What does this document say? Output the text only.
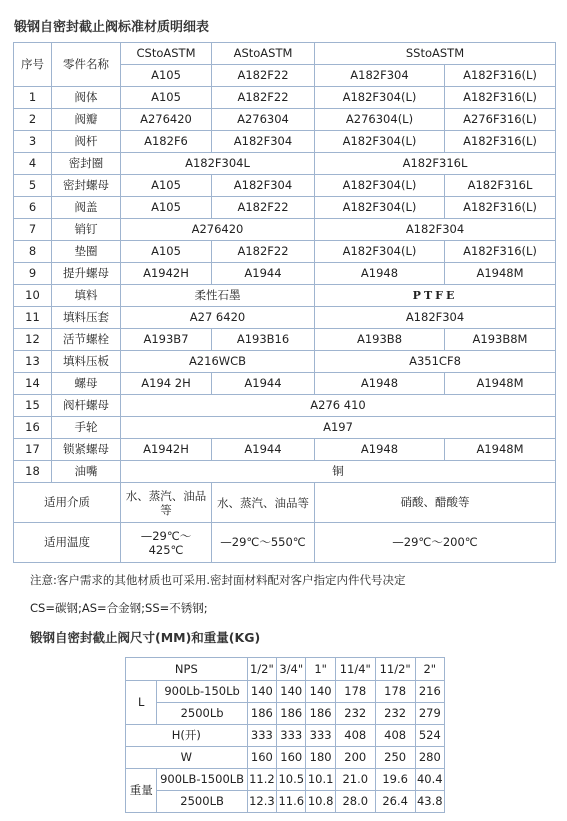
锻钢自密封截止阀标准材质明细表
序号	零件名称	CStoASTM	AStoASTM	SStoASTM	
		A105	A182F22	A182F304	A182F316(L)
1	阀体	A105	A182F22	A182F304(L)	A182F316(L)
2	阀瓣	A276420	A276304	A276304(L)	A276F316(L)
3	阀杆	A182F6	A182F304	A182F304(L)	A182F316(L)
4	密封圈	A182F304L		A182F316L	
5	密封螺母	A105	A182F304	A182F304(L)	A182F316L
6	阀盖	A105	A182F22	A182F304(L)	A182F316(L)
7	销钉	A276420		A182F304	
8	垫圈	A105	A182F22	A182F304(L)	A182F316(L)
9	提升螺母	A1942H	A1944	A1948	A1948M
10	填料	柔性石墨		PTFE	
11	填料压套	A27 6420		A182F304	
12	活节螺栓	A193B7	A193B16	A193B8	A193B8M
13	填料压板	A216WCB		A351CF8	
14	螺母	A194 2H	A1944	A1948	A1948M
15	阀杆螺母	A276 410			
16	手轮	A197			
17	锁紧螺母	A1942H	A1944	A1948	A1948M
18	油嘴	铜			
适用介质		水、蒸汽、油品等	水、蒸汽、油品等	硝酸、醋酸等	
适用温度		—29℃～425℃	—29℃～550℃	—29℃～200℃	
注意:客户需求的其他材质也可采用.密封面材料配对客户指定内件代号决定
CS=碳钢;AS=合金钢;SS=不锈钢;
锻钢自密封截止阀尺寸(MM)和重量(KG)
NPS		1/2"	3/4"	1"	11/4"	11/2"	2"
L	900Lb-150Lb	140	140	140	178	178	216
	2500Lb	186	186	186	232	232	279
H(开)		333	333	333	408	408	524
W		160	160	180	200	250	280
重量	900LB-1500LB	11.2	10.5	10.1	21.0	19.6	40.4
	2500LB	12.3	11.6	10.8	28.0	26.4	43.8
